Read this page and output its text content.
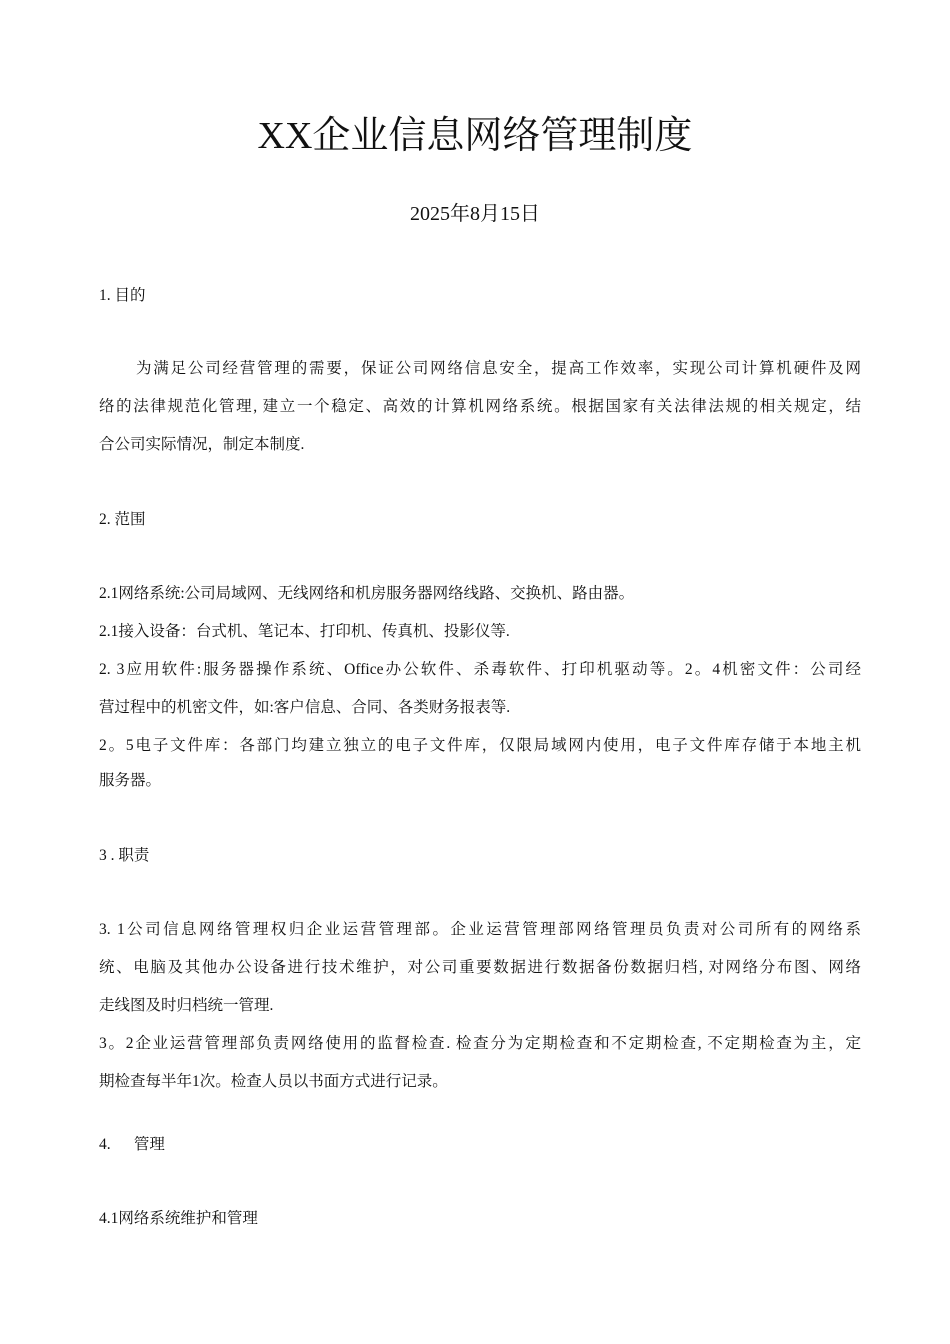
XX企业信息网络管理制度
2025年8月15日
1. 目的
为满足公司经营管理的需要，保证公司网络信息安全，提高工作效率，实现公司计算机硬件及网
络的法律规范化管理, 建立一个稳定、高效的计算机网络系统。根据国家有关法律法规的相关规定，结
合公司实际情况，制定本制度.
2. 范围
2.1网络系统:公司局域网、无线网络和机房服务器网络线路、交换机、路由器。
2.1接入设备：台式机、笔记本、打印机、传真机、投影仪等.
2. 3应用软件:服务器操作系统、Office办公软件、杀毒软件、打印机驱动等。2。4机密文件：公司经
营过程中的机密文件，如:客户信息、合同、各类财务报表等.
2。5电子文件库：各部门均建立独立的电子文件库，仅限局域网内使用，电子文件库存储于本地主机
服务器。
3 . 职责
3. 1公司信息网络管理权归企业运营管理部。企业运营管理部网络管理员负责对公司所有的网络系
统、电脑及其他办公设备进行技术维护，对公司重要数据进行数据备份数据归档, 对网络分布图、网络
走线图及时归档统一管理.
3。2企业运营管理部负责网络使用的监督检查. 检查分为定期检查和不定期检查, 不定期检查为主，定
期检查每半年1次。检查人员以书面方式进行记录。
4.      管理
4.1网络系统维护和管理
